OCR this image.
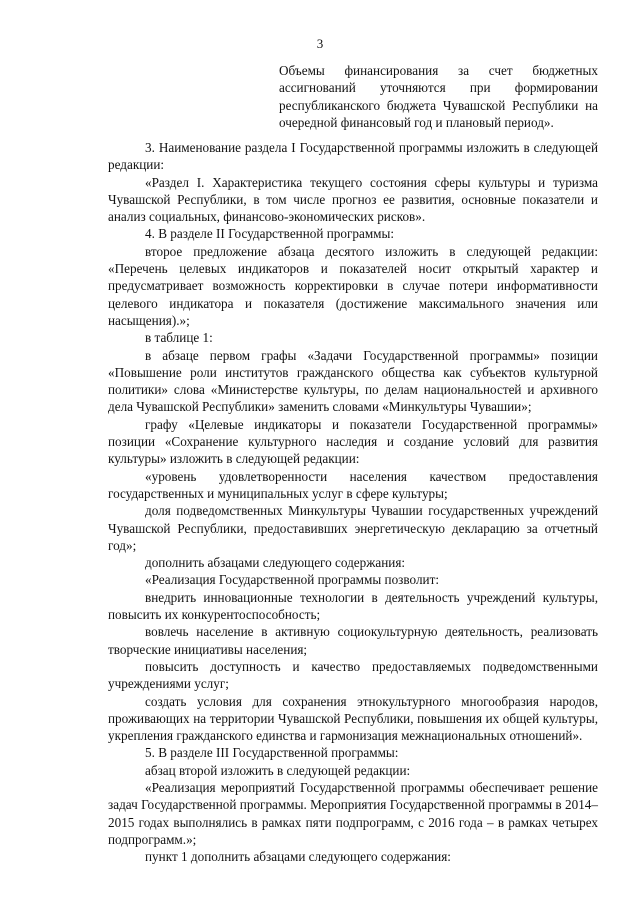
3
Объемы финансирования за счет бюджетных ассигнований уточняются при формировании республиканского бюджета Чувашской Республики на очередной финансовый год и плановый период».

3. Наименование раздела I Государственной программы изложить в следующей редакции:

«Раздел I. Характеристика текущего состояния сферы культуры и туризма Чувашской Республики, в том числе прогноз ее развития, основные показатели и анализ социальных, финансово-экономических рисков».

4. В разделе II Государственной программы:

второе предложение абзаца десятого изложить в следующей редакции: «Перечень целевых индикаторов и показателей носит открытый характер и предусматривает возможность корректировки в случае потери информативности целевого индикатора и показателя (достижение максимального значения или насыщения).»;

в таблице 1:

в абзаце первом графы «Задачи Государственной программы» позиции «Повышение роли институтов гражданского общества как субъектов культурной политики» слова «Министерстве культуры, по делам национальностей и архивного дела Чувашской Республики» заменить словами «Минкультуры Чувашии»;

графу «Целевые индикаторы и показатели Государственной программы» позиции «Сохранение культурного наследия и создание условий для развития культуры» изложить в следующей редакции:

«уровень удовлетворенности населения качеством предоставления государственных и муниципальных услуг в сфере культуры;

доля подведомственных Минкультуры Чувашии государственных учреждений Чувашской Республики, предоставивших энергетическую декларацию за отчетный год»;

дополнить абзацами следующего содержания:

«Реализация Государственной программы позволит:

внедрить инновационные технологии в деятельность учреждений культуры, повысить их конкурентоспособность;

вовлечь население в активную социокультурную деятельность, реализовать творческие инициативы населения;

повысить доступность и качество предоставляемых подведомственными учреждениями услуг;

создать условия для сохранения этнокультурного многообразия народов, проживающих на территории Чувашской Республики, повышения их общей культуры, укрепления гражданского единства и гармонизация межнациональных отношений».

5. В разделе III Государственной программы:

абзац второй изложить в следующей редакции:

«Реализация мероприятий Государственной программы обеспечивает решение задач Государственной программы. Мероприятия Государственной программы в 2014–2015 годах выполнялись в рамках пяти подпрограмм, с 2016 года – в рамках четырех подпрограмм.»;

пункт 1 дополнить абзацами следующего содержания:
